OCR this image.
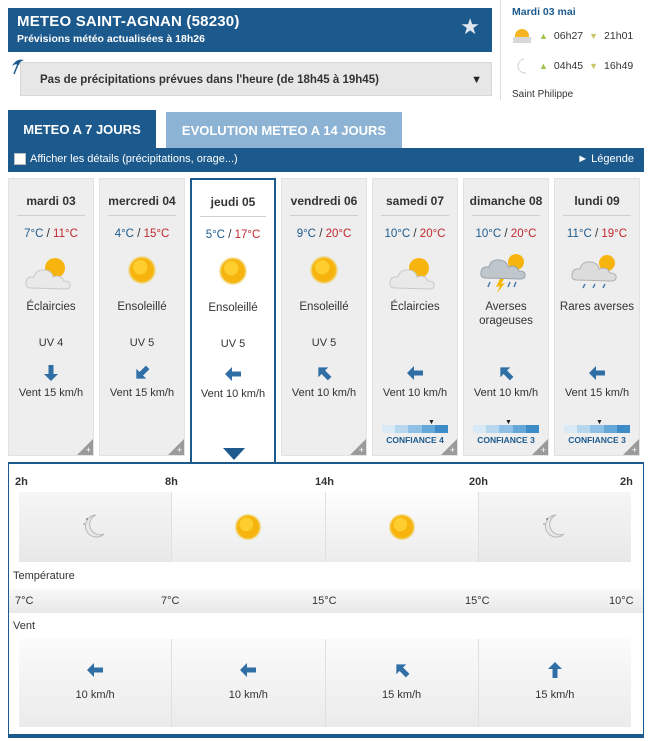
METEO SAINT-AGNAN (58230)
Prévisions météo actualisées à 18h26	★
Pas de précipitations prévues dans l'heure (de 18h45 à 19h45)	▼
Mardi 03 mai
▲ 06h27 ▼ 21h01
▲ 04h45 ▼ 16h49
Saint Philippe
METEO A 7 JOURS	EVOLUTION METEO A 14 JOURS
Afficher les détails (précipitations, orage...)	► Légende
mardi 03
7°C / 11°C
Éclaircies
UV 4
Vent 15 km/h
+
mercredi 04
4°C / 15°C
Ensoleillé
UV 5
Vent 15 km/h
+
jeudi 05
5°C / 17°C
Ensoleillé
UV 5
Vent 10 km/h
vendredi 06
9°C / 20°C
Ensoleillé
UV 5
Vent 10 km/h
+
samedi 07
10°C / 20°C
Éclaircies
Vent 10 km/h
▼
CONFIANCE 4
+
dimanche 08
10°C / 20°C
Averses orageuses
Vent 10 km/h
▼
CONFIANCE 3
+
lundi 09
11°C / 19°C
Rares averses
Vent 15 km/h
▼
CONFIANCE 3
+
2h	8h	14h	20h	2h
Température
7°C	7°C	15°C	15°C	10°C
Vent
10 km/h	10 km/h	15 km/h	15 km/h
